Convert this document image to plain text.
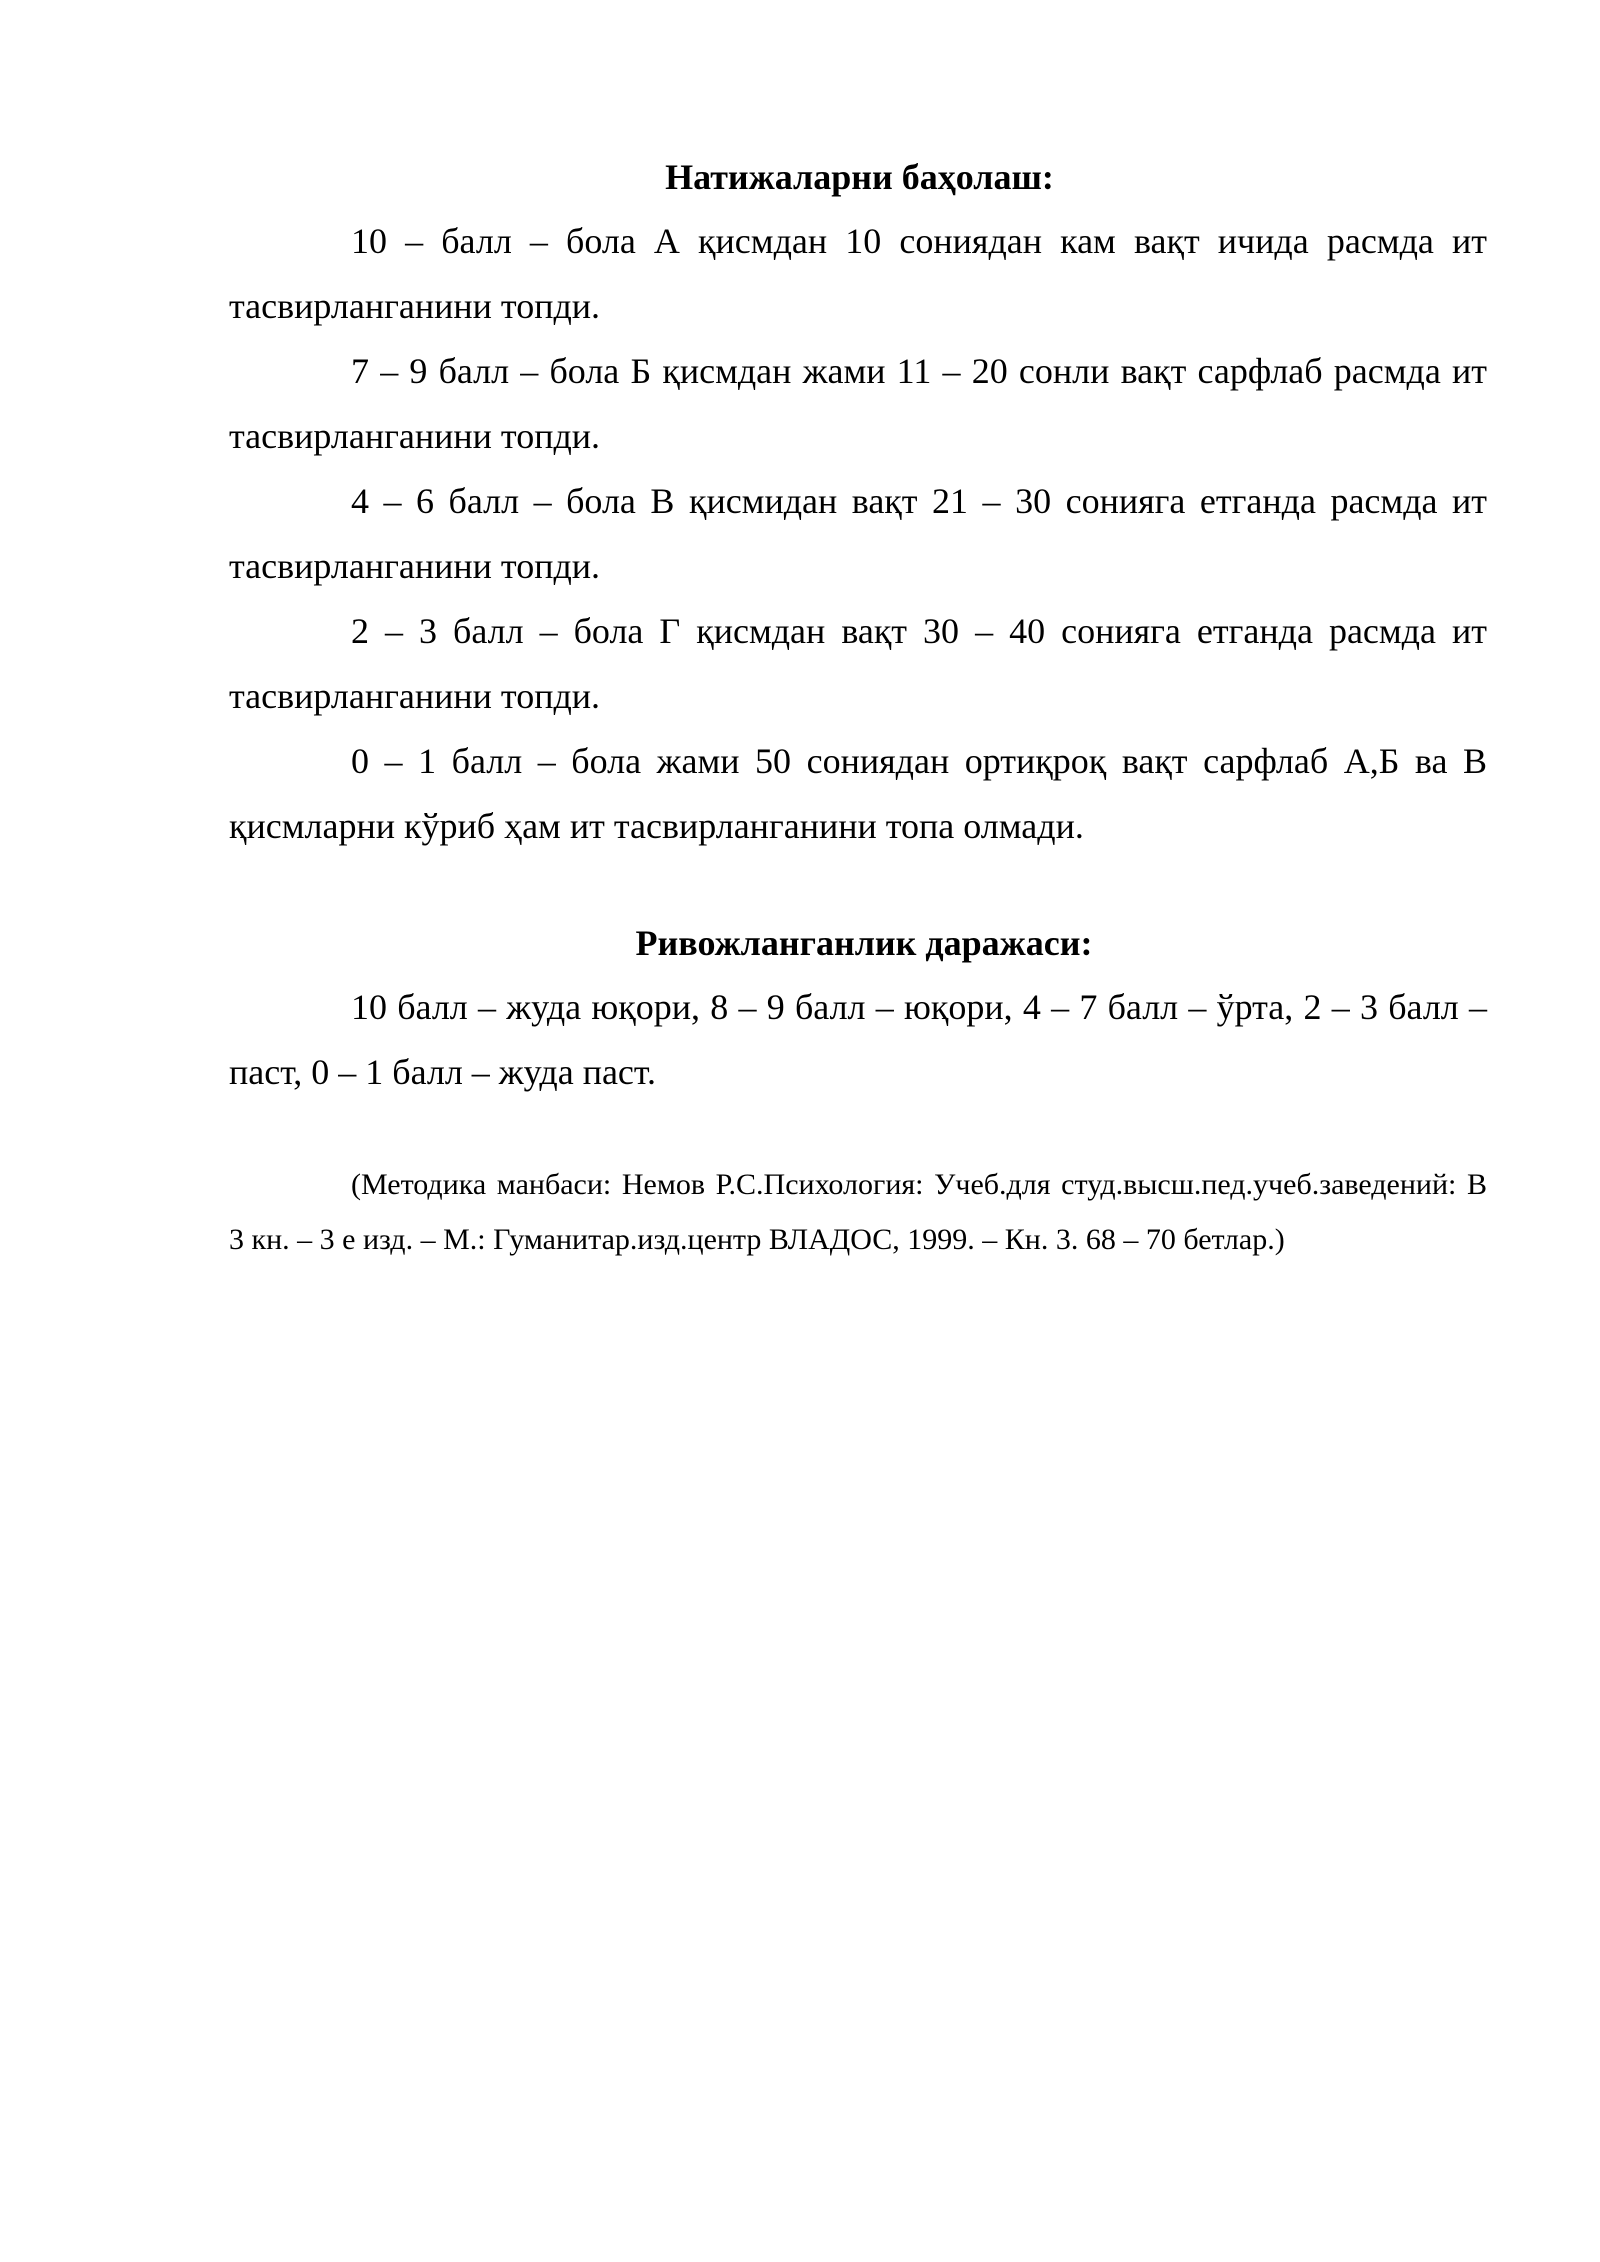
Натижаларни баҳолаш:

10 – балл – бола А қисмдан 10 сониядан кам вақт ичида расмда ит тасвирланганини топди.

7 – 9 балл – бола Б қисмдан жами 11 – 20 сонли вақт сарфлаб расмда ит тасвирланганини топди.

4 – 6 балл – бола В қисмидан вақт 21 – 30 сонияга етганда расмда ит тасвирланганини топди.

2 – 3 балл – бола Г қисмдан вақт 30 – 40 сонияга етганда расмда ит тасвирланганини топди.

0 – 1 балл – бола жами 50 сониядан ортиқроқ вақт сарфлаб А,Б ва В қисмларни кўриб ҳам ит тасвирланганини топа олмади.

Ривожланганлик даражаси:

10 балл – жуда юқори, 8 – 9 балл – юқори, 4 – 7 балл – ўрта, 2 – 3 балл – паст, 0 – 1 балл – жуда паст.

(Методика манбаси: Немов Р.С.Психология: Учеб.для студ.высш.пед.учеб.заведений: В 3 кн. – 3 е изд. – М.: Гуманитар.изд.центр ВЛАДОС, 1999. – Кн. 3. 68 – 70 бетлар.)
